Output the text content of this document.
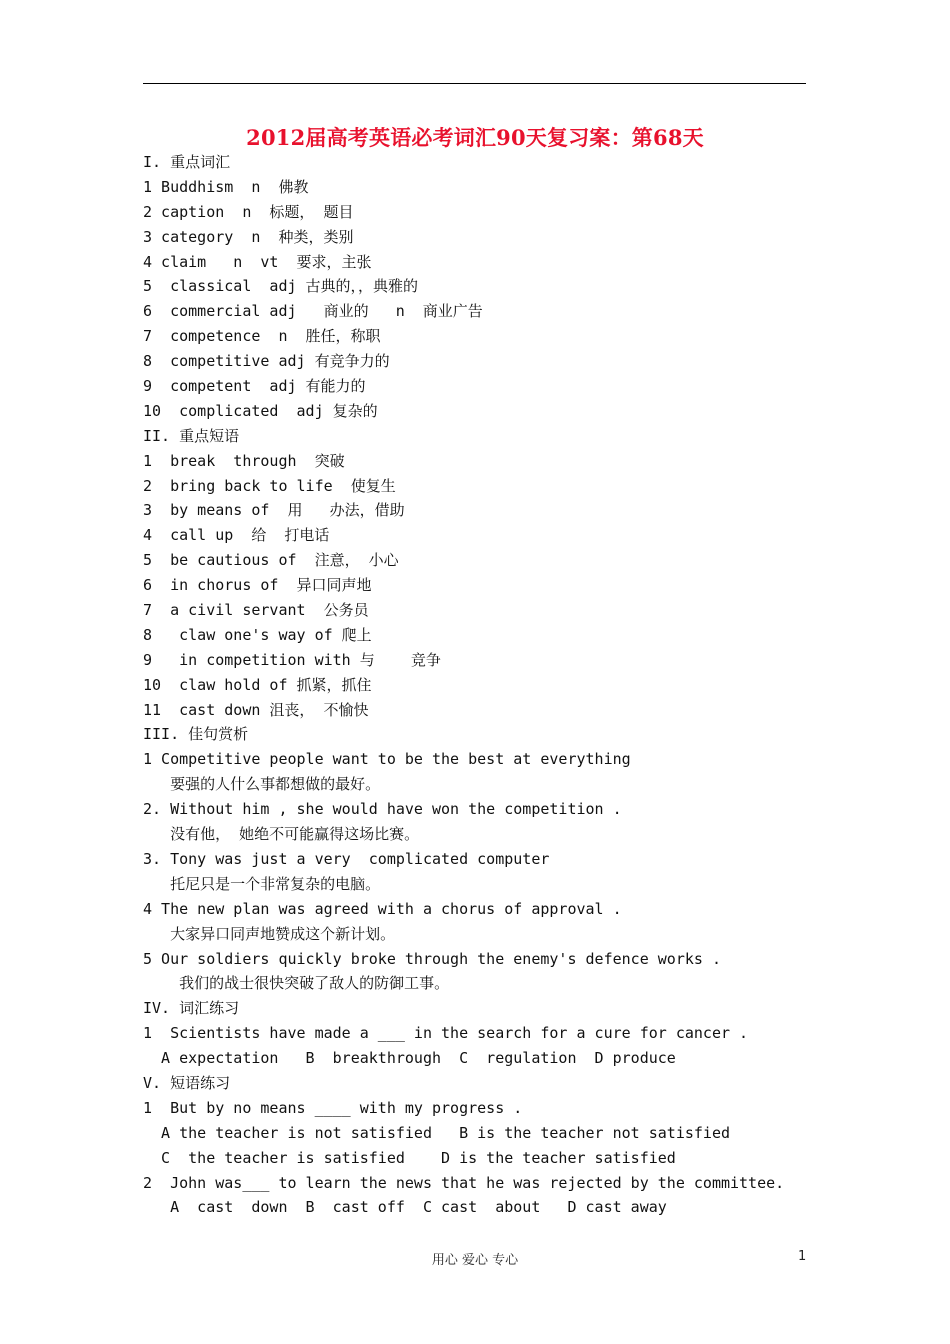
2012届高考英语必考词汇90天复习案：第68天
I. 重点词汇
1 Buddhism  n  佛教
2 caption  n  标题， 题目
3 category  n  种类，类别
4 claim   n  vt  要求，主张
5  classical  adj 古典的，，典雅的
6  commercial adj   商业的   n  商业广告
7  competence  n  胜任，称职
8  competitive adj 有竞争力的
9  competent  adj 有能力的
10  complicated  adj 复杂的
II. 重点短语
1  break  through  突破
2  bring back to life  使复生
3  by means of  用   办法，借助
4  call up  给  打电话
5  be cautious of  注意， 小心
6  in chorus of  异口同声地
7  a civil servant  公务员
8   claw one's way of 爬上
9   in competition with 与    竞争
10  claw hold of 抓紧，抓住
11  cast down 沮丧， 不愉快
III. 佳句赏析
1 Competitive people want to be the best at everything
要强的人什么事都想做的最好。
2. Without him , she would have won the competition .
没有他， 她绝不可能赢得这场比赛。
3. Tony was just a very  complicated computer
托尼只是一个非常复杂的电脑。
4 The new plan was agreed with a chorus of approval .
大家异口同声地赞成这个新计划。
5 Our soldiers quickly broke through the enemy's defence works .
我们的战士很快突破了敌人的防御工事。
IV. 词汇练习
1  Scientists have made a ___ in the search for a cure for cancer .
A expectation   B  breakthrough  C  regulation  D produce
V. 短语练习
1  But by no means ____ with my progress .
A the teacher is not satisfied   B is the teacher not satisfied
C  the teacher is satisfied    D is the teacher satisfied
2  John was___ to learn the news that he was rejected by the committee.
A  cast  down  B  cast off  C cast  about   D cast away
用心 爱心 专心	1
